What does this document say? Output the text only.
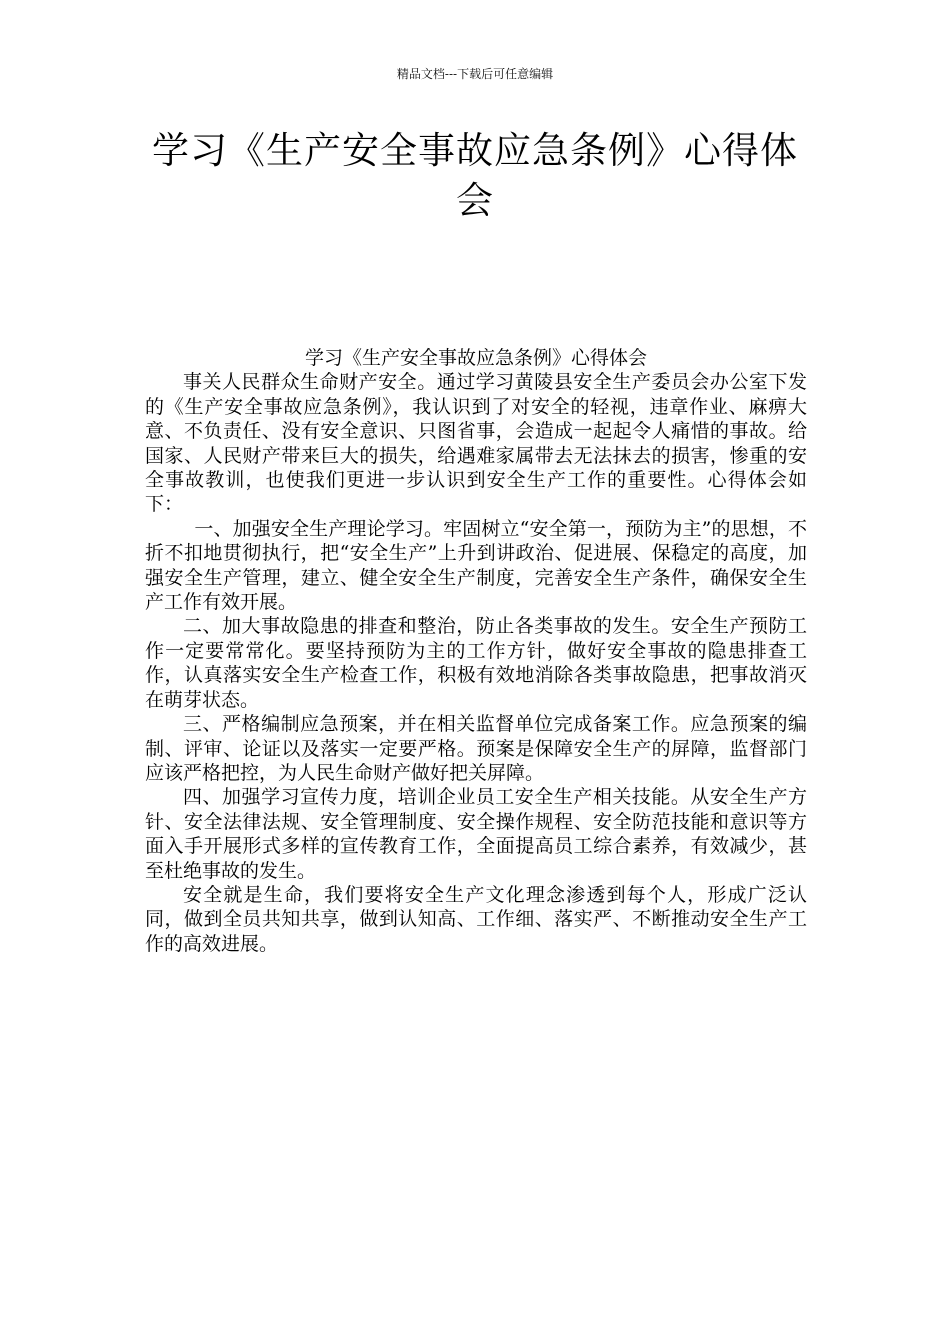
精品文档---下载后可任意编辑
学习《生产安全事故应急条例》心得体会
学习《生产安全事故应急条例》心得体会

事关人民群众生命财产安全。通过学习黄陵县安全生产委员会办公室下发的《生产安全事故应急条例》，我认识到了对安全的轻视，违章作业、麻痹大意、不负责任、没有安全意识、只图省事，会造成一起起令人痛惜的事故。给国家、人民财产带来巨大的损失，给遇难家属带去无法抹去的损害，惨重的安全事故教训，也使我们更进一步认识到安全生产工作的重要性。心得体会如下：

一、加强安全生产理论学习。牢固树立“安全第一，预防为主”的思想，不折不扣地贯彻执行，把“安全生产”上升到讲政治、促进展、保稳定的高度，加强安全生产管理，建立、健全安全生产制度，完善安全生产条件，确保安全生产工作有效开展。

二、加大事故隐患的排查和整治，防止各类事故的发生。安全生产预防工作一定要常常化。要坚持预防为主的工作方针，做好安全事故的隐患排查工作，认真落实安全生产检查工作，积极有效地消除各类事故隐患，把事故消灭在萌芽状态。

三、严格编制应急预案，并在相关监督单位完成备案工作。应急预案的编制、评审、论证以及落实一定要严格。预案是保障安全生产的屏障，监督部门应该严格把控，为人民生命财产做好把关屏障。

四、加强学习宣传力度，培训企业员工安全生产相关技能。从安全生产方针、安全法律法规、安全管理制度、安全操作规程、安全防范技能和意识等方面入手开展形式多样的宣传教育工作，全面提高员工综合素养，有效减少，甚至杜绝事故的发生。

安全就是生命，我们要将安全生产文化理念渗透到每个人，形成广泛认同，做到全员共知共享，做到认知高、工作细、落实严、不断推动安全生产工作的高效进展。
